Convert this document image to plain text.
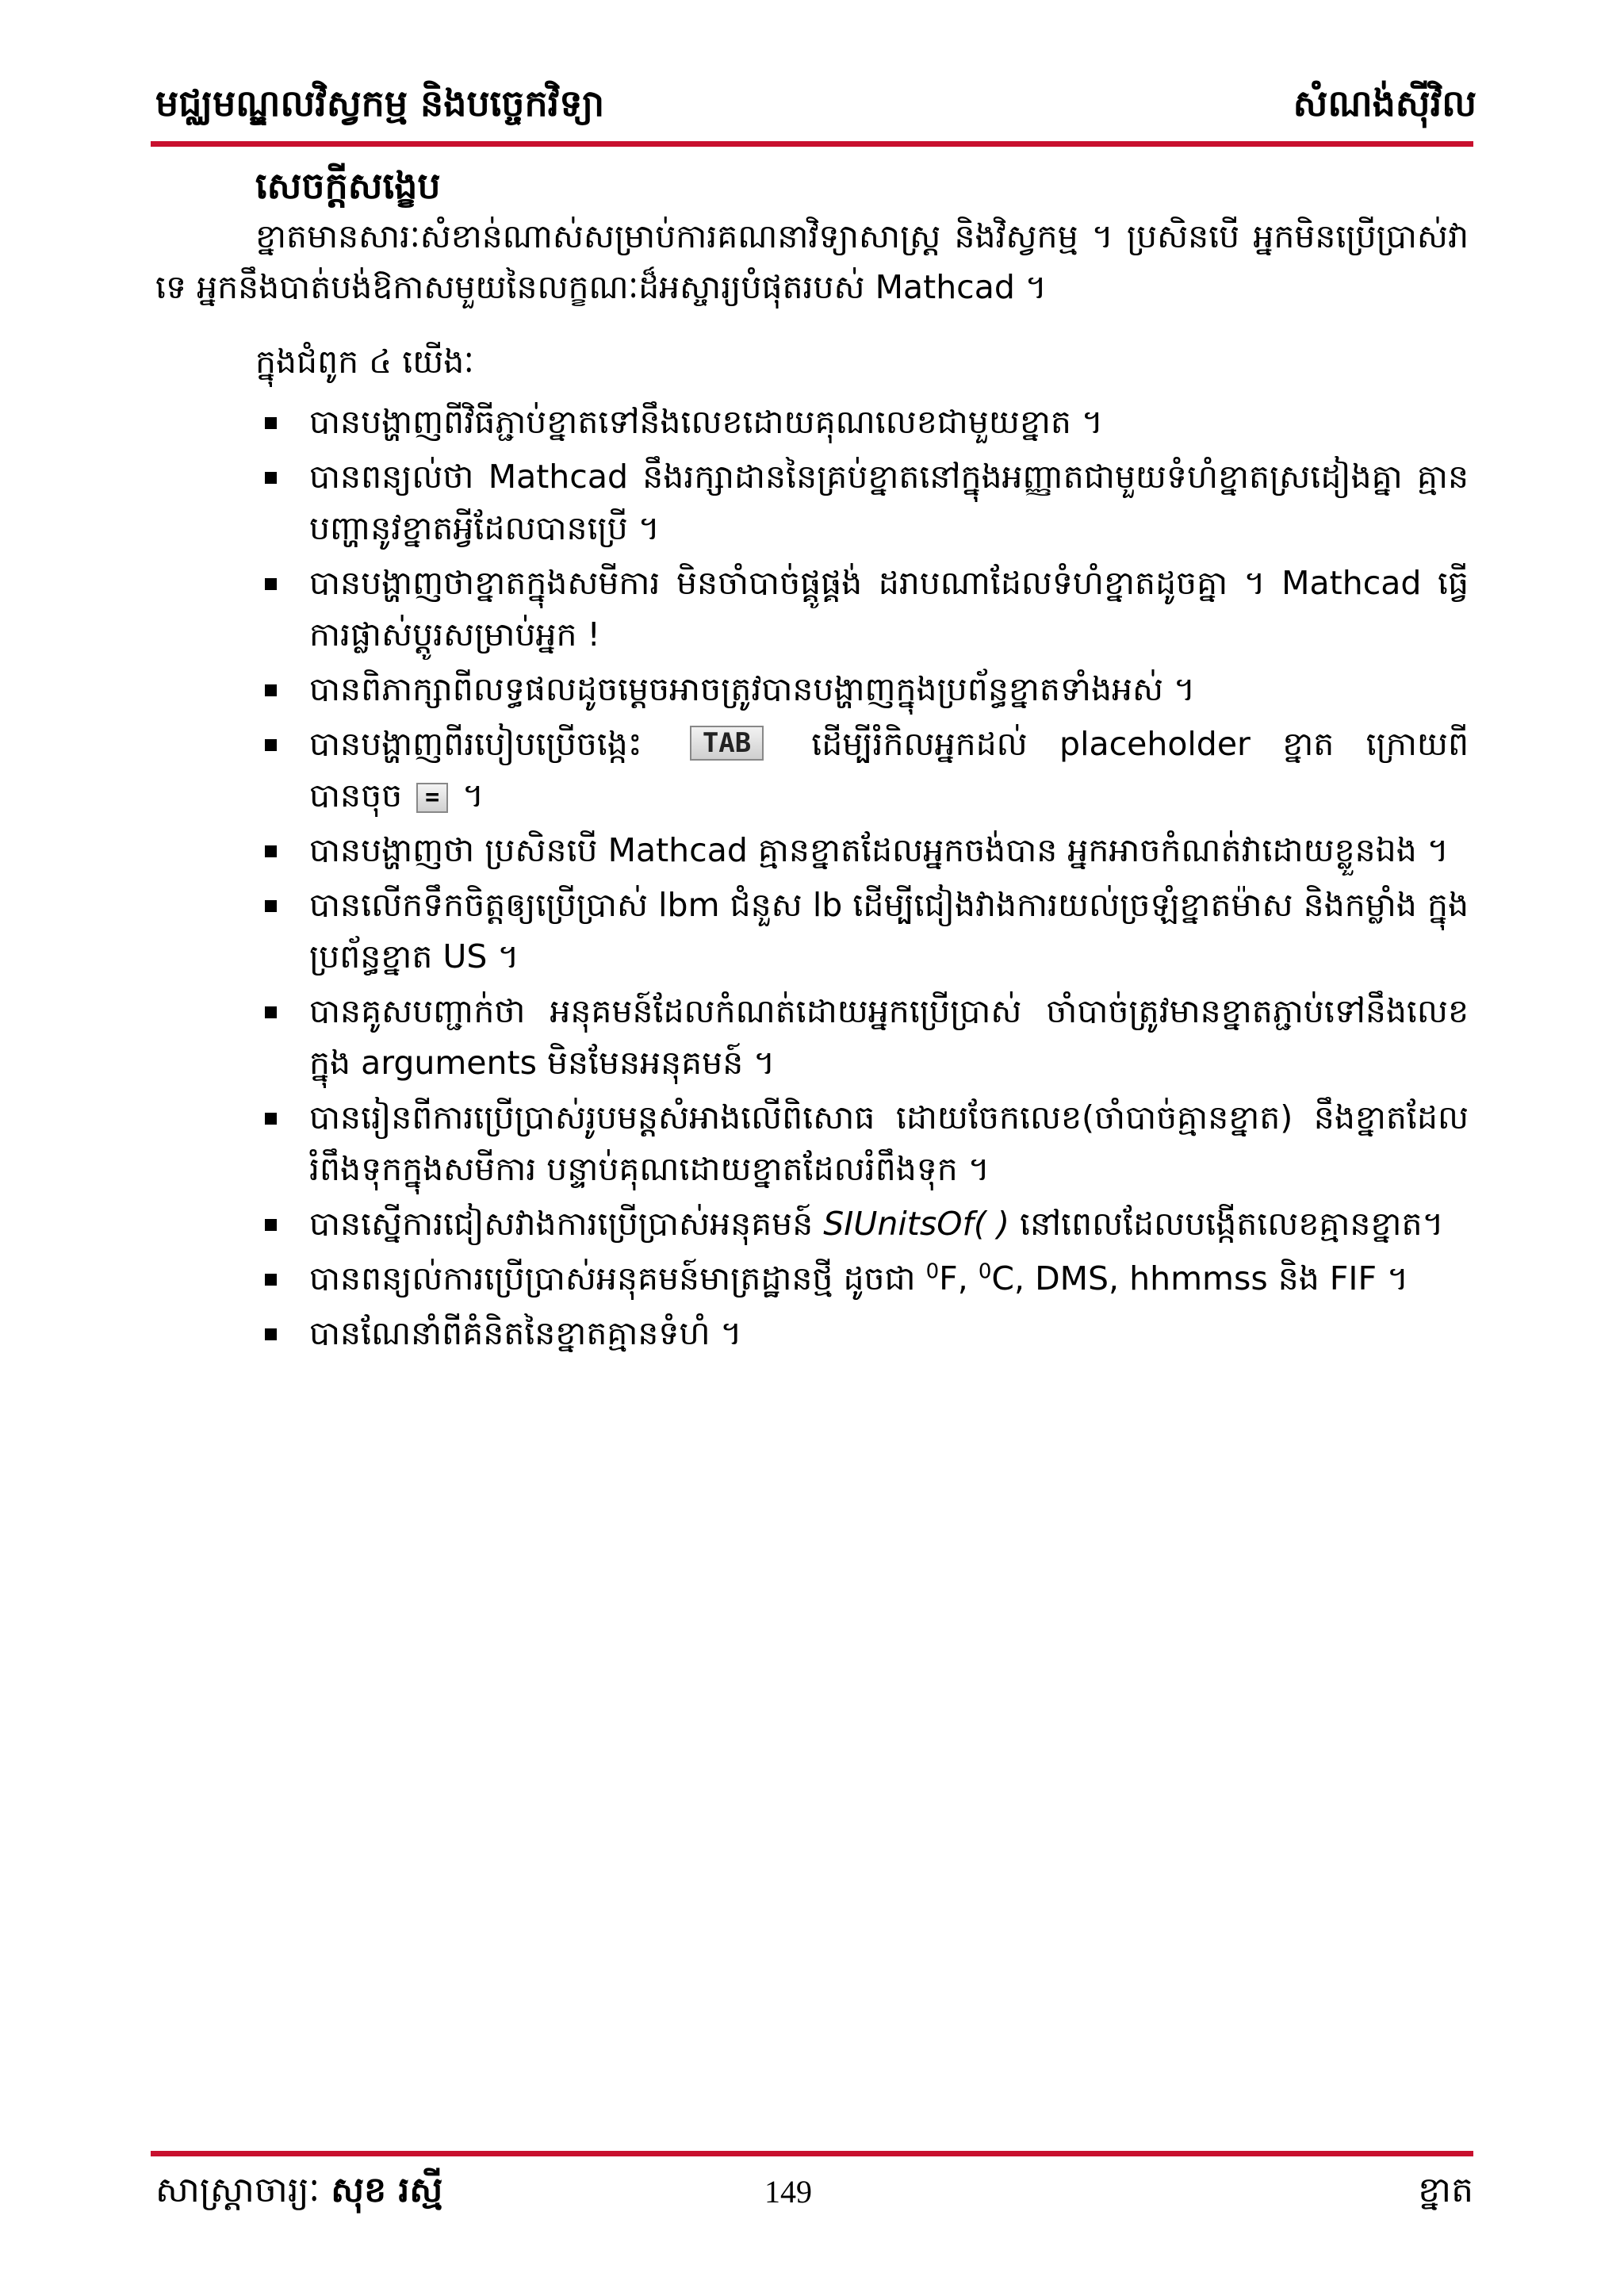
មជ្ឈមណ្ឌលវិស្វកម្ម និងបច្ចេកវិទ្យា	សំណង់ស៊ីវិល
សេចក្តីសង្ខេប
ខ្នាតមានសារៈសំខាន់ណាស់សម្រាប់ការគណនាវិទ្យាសាស្ត្រ និងវិស្វកម្ម ។ ប្រសិនបើ អ្នកមិនប្រើប្រាស់វាទេ អ្នកនឹងបាត់បង់ឱកាសមួយនៃលក្ខណៈដ៏អស្ចារ្យបំផុតរបស់ Mathcad ។
ក្នុងជំពូក ៤ យើងៈ
បានបង្ហាញពីវិធីភ្ជាប់ខ្នាតទៅនឹងលេខដោយគុណលេខជាមួយខ្នាត ។
បានពន្យល់ថា Mathcad នឹងរក្សាដាននៃគ្រប់ខ្នាតនៅក្នុងអញ្ញាតជាមួយទំហំខ្នាតស្រដៀងគ្នា គ្មានបញ្ហានូវខ្នាតអ្វីដែលបានប្រើ ។
បានបង្ហាញថាខ្នាតក្នុងសមីការ មិនចាំបាច់ផ្គូផ្គង់ ដរាបណាដែលទំហំខ្នាតដូចគ្នា ។ Mathcad ធ្វើការផ្លាស់ប្តូរសម្រាប់អ្នក !
បានពិភាក្សាពីលទ្ធផលដូចម្តេចអាចត្រូវបានបង្ហាញក្នុងប្រព័ន្ធខ្នាតទាំងអស់ ។
បានបង្ហាញពីរបៀបប្រើចង្កេះ TAB ដើម្បីរំកិលអ្នកដល់ placeholder ខ្នាត ក្រោយពីបានចុច = ។
បានបង្ហាញថា ប្រសិនបើ Mathcad គ្មានខ្នាតដែលអ្នកចង់បាន អ្នកអាចកំណត់វាដោយខ្លួនឯង ។
បានលើកទឹកចិត្តឲ្យប្រើប្រាស់ lbm ជំនួស lb ដើម្បីជៀងវាងការយល់ច្រឡំខ្នាតម៉ាស និងកម្លាំង ក្នុងប្រព័ន្ធខ្នាត US ។
បានគូសបញ្ជាក់ថា អនុគមន៍ដែលកំណត់ដោយអ្នកប្រើប្រាស់ ចាំបាច់ត្រូវមានខ្នាតភ្ជាប់ទៅនឹងលេខក្នុង arguments មិនមែនអនុគមន៍ ។
បានរៀនពីការប្រើប្រាស់រូបមន្តសំអាងលើពិសោធ ដោយចែកលេខ(ចាំបាច់គ្មានខ្នាត) នឹងខ្នាតដែលរំពឹងទុកក្នុងសមីការ បន្ទាប់គុណដោយខ្នាតដែលរំពឹងទុក ។
បានស្នើការជៀសវាងការប្រើប្រាស់អនុគមន៍ SIUnitsOf( ) នៅពេលដែលបង្កើតលេខគ្មានខ្នាត។
បានពន្យល់ការប្រើប្រាស់អនុគមន៍មាត្រដ្ឋានថ្មី ដូចជា $^0$F, $^0$C, DMS, hhmmss និង FIF ។
បានណែនាំពីគំនិតនៃខ្នាតគ្មានទំហំ ។
សាស្ត្រាចារ្យៈ សុខ រស្មី	149	ខ្នាត
